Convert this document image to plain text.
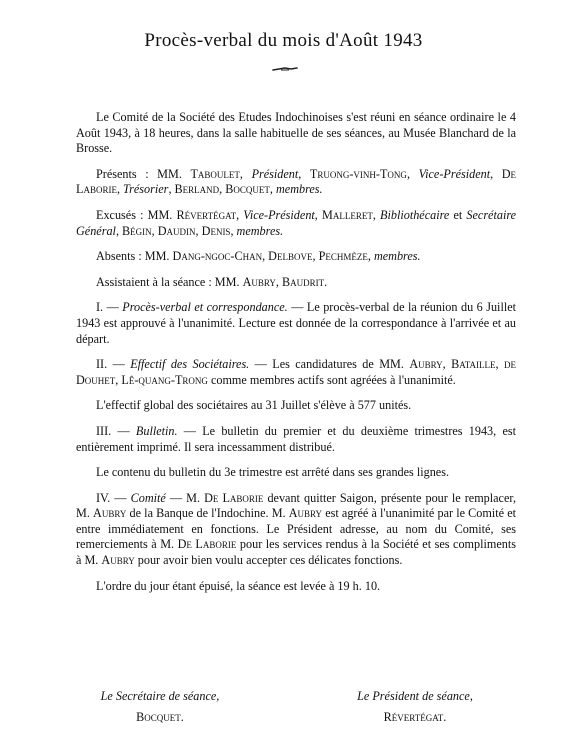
Procès-verbal du mois d'Août 1943

Le Comité de la Société des Etudes Indochinoises s'est réuni en séance ordinaire le 4 Août 1943, à 18 heures, dans la salle habituelle de ses séances, au Musée Blanchard de la Brosse.

Présents : MM. Taboulet, Président, Truong-vinh-Tong, Vice-Président, De Laborie, Trésorier, Berland, Bocquet, membres.

Excusés : MM. Révertégat, Vice-Président, Malleret, Bibliothécaire et Secrétaire Général, Bégin, Daudin, Denis, membres.

Absents : MM. Dang-ngoc-Chan, Delbove, Pechmèze, membres.

Assistaient à la séance : MM. Aubry, Baudrit.

I. — Procès-verbal et correspondance. — Le procès-verbal de la réunion du 6 Juillet 1943 est approuvé à l'unanimité. Lecture est donnée de la correspondance à l'arrivée et au départ.

II. — Effectif des Sociétaires. — Les candidatures de MM. Aubry, Bataille, de Douhet, Lê-quang-Trong comme membres actifs sont agréées à l'unanimité.

L'effectif global des sociétaires au 31 Juillet s'élève à 577 unités.

III. — Bulletin. — Le bulletin du premier et du deuxième trimestres 1943, est entièrement imprimé. Il sera incessamment distribué.

Le contenu du bulletin du 3e trimestre est arrêté dans ses grandes lignes.

IV. — Comité — M. De Laborie devant quitter Saigon, présente pour le remplacer, M. Aubry de la Banque de l'Indochine. M. Aubry est agréé à l'unanimité par le Comité et entre immédiatement en fonctions. Le Président adresse, au nom du Comité, ses remerciements à M. De Laborie pour les services rendus à la Société et ses compliments à M. Aubry pour avoir bien voulu accepter ces délicates fonctions.

L'ordre du jour étant épuisé, la séance est levée à 19 h. 10.

Le Secrétaire de séance,
Bocquet.
Le Président de séance,
Révertégat.
